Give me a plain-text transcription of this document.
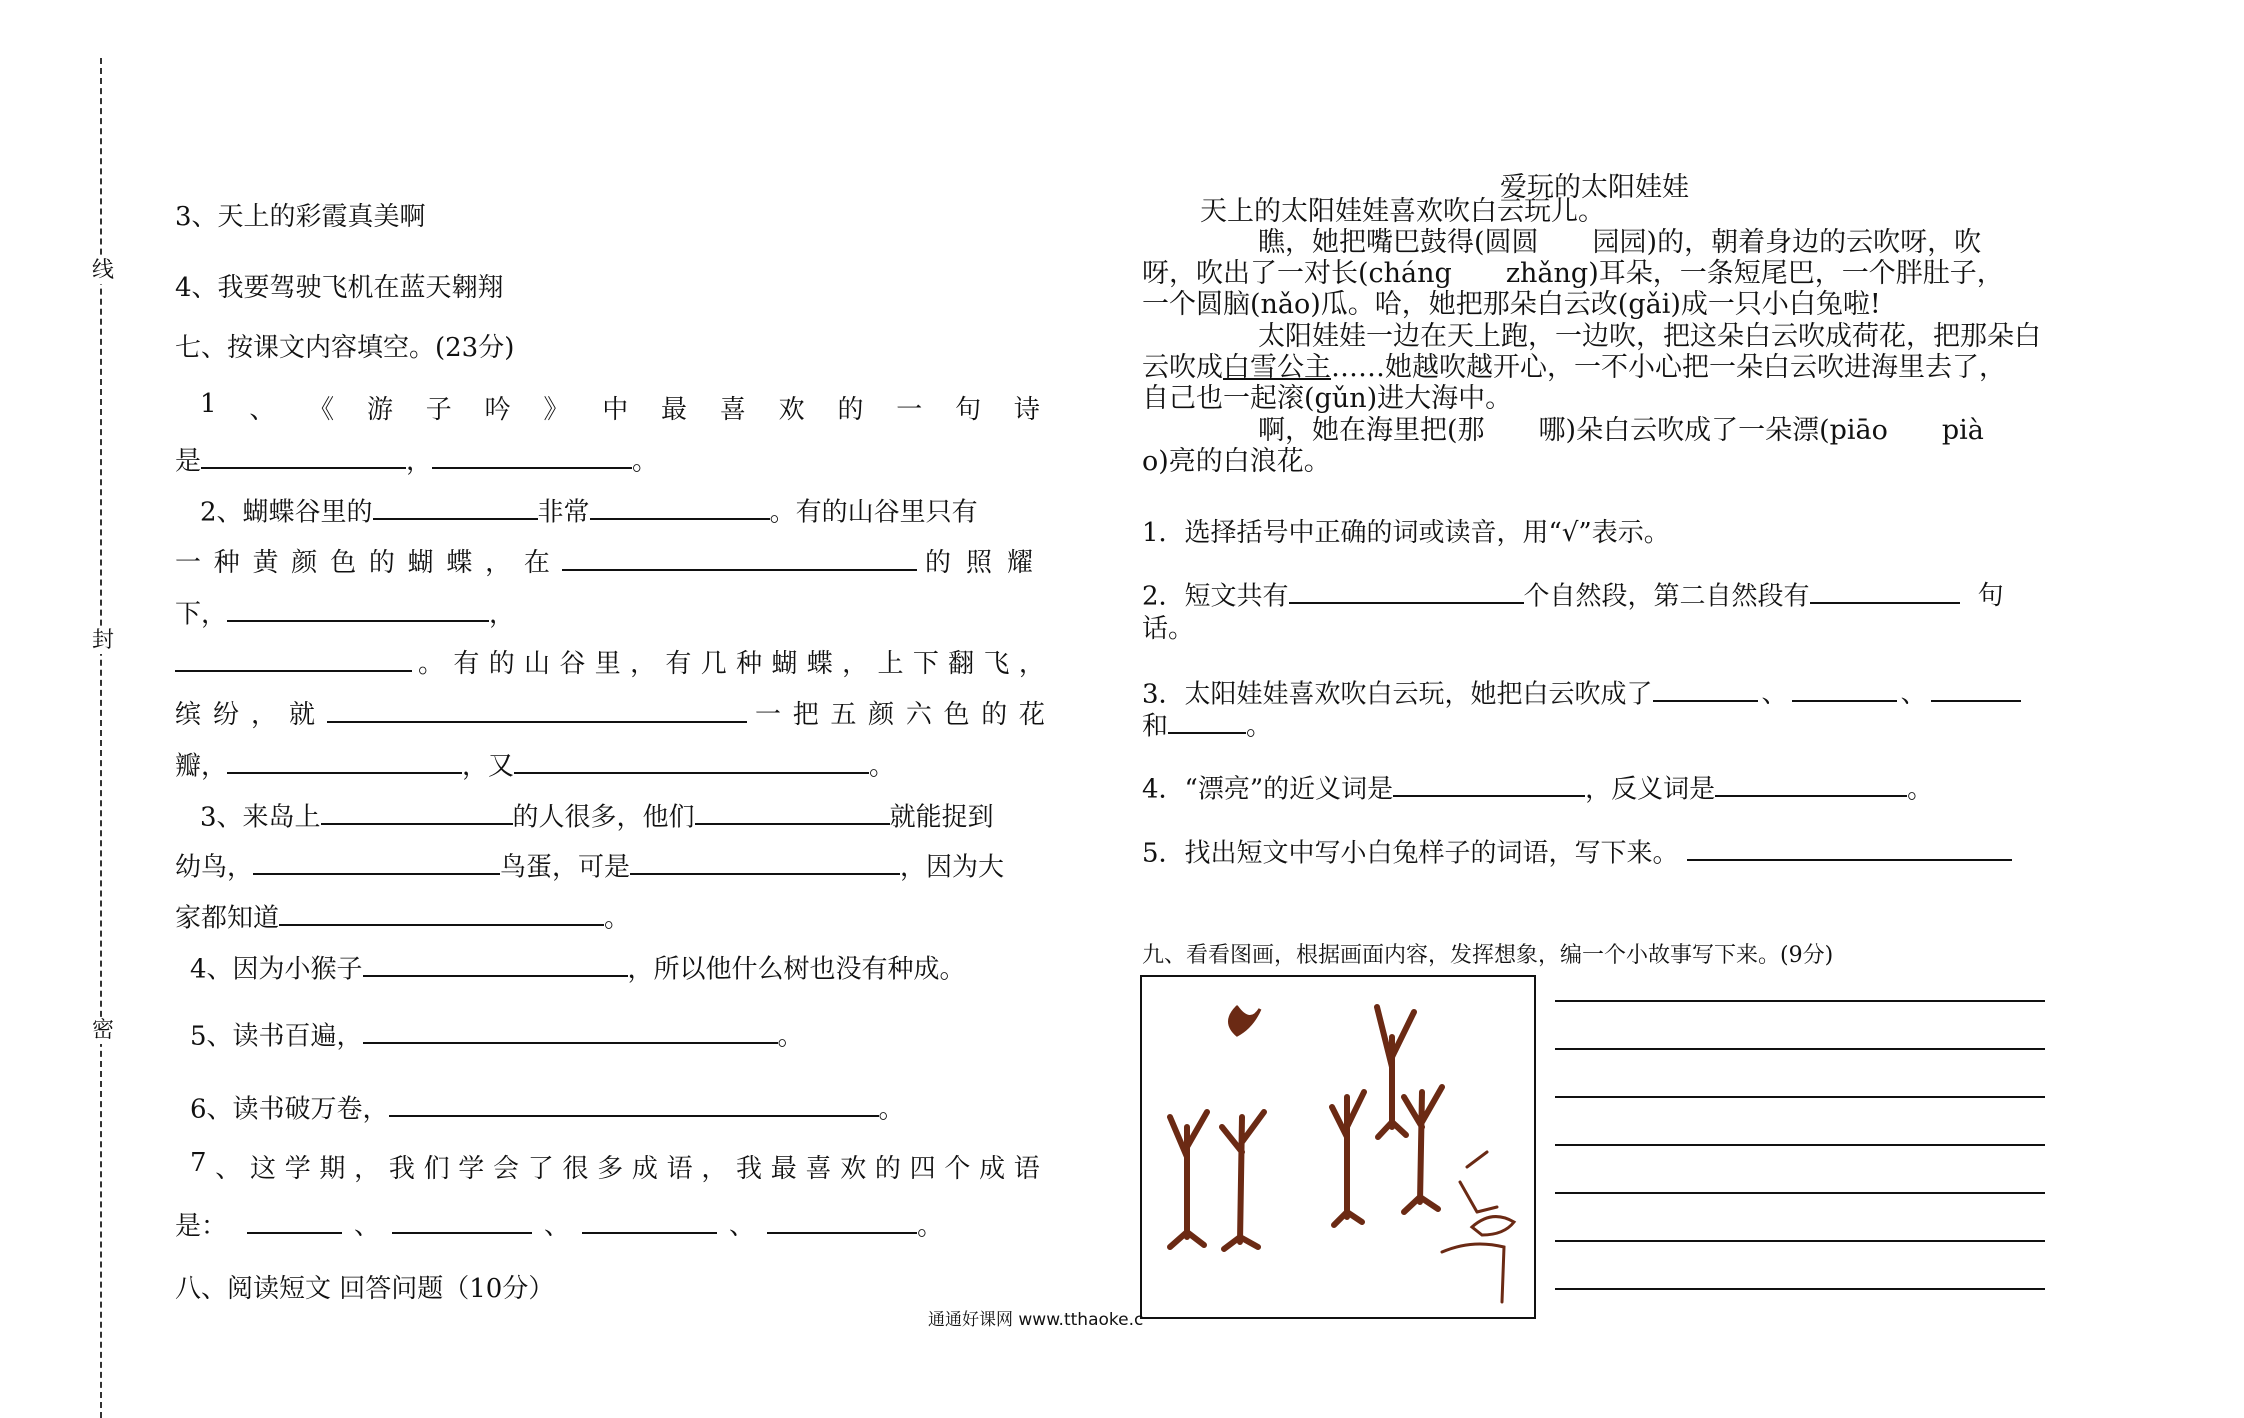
线
封
密
3、天上的彩霞真美啊
4、我要驾驶飞机在蓝天翱翔
七、按课文内容填空。(23分)
1 、 《 游 子 吟 》 中 最 喜 欢 的 一 句 诗
是	，	。
2、蝴蝶谷里的	非常	。有的山谷里只有
一 种 黄 颜 色 的 蝴 蝶 ， 在	的 照 耀
下，	，
。 有 的 山 谷 里 ， 有 几 种 蝴 蝶 ， 上 下 翻 飞 ，
缤 纷 ， 就	一 把 五 颜 六 色 的 花
瓣，	，又	。
3、来岛上	的人很多，他们	就能捉到
幼鸟，	鸟蛋，可是	，因为大
家都知道	。
4、因为小猴子	，所以他什么树也没有种成。
5、读书百遍，	。
6、读书破万卷，	。
7 、 这 学 期 ， 我 们 学 会 了 很 多 成 语 ， 我 最 喜 欢 的 四 个 成 语
是：	、	、	、	。
八、阅读短文 回答问题（10分）
爱玩的太阳娃娃
天上的太阳娃娃喜欢吹白云玩儿。
瞧，她把嘴巴鼓得(圆圆　　园园)的，朝着身边的云吹呀，吹
呀，吹出了一对长(cháng　　zhǎng)耳朵，一条短尾巴，一个胖肚子，
一个圆脑(nǎo)瓜。哈，她把那朵白云改(gǎi)成一只小白兔啦!
太阳娃娃一边在天上跑，一边吹，把这朵白云吹成荷花，把那朵白
云吹成白雪公主……她越吹越开心，一不小心把一朵白云吹进海里去了，
自己也一起滚(gǔn)进大海中。
啊，她在海里把(那　　哪)朵白云吹成了一朵漂(piāo　　pià
o)亮的白浪花。
1．选择括号中正确的词或读音，用“√”表示。
2．短文共有	个自然段，第二自然段有	句
话。
3．太阳娃娃喜欢吹白云玩，她把白云吹成了	、	、
和	。
4．“漂亮”的近义词是	，反义词是	。
5．找出短文中写小白兔样子的词语，写下来。
九、看看图画，根据画面内容，发挥想象，编一个小故事写下来。(9分)
通通好课网 www.tthaoke.c
